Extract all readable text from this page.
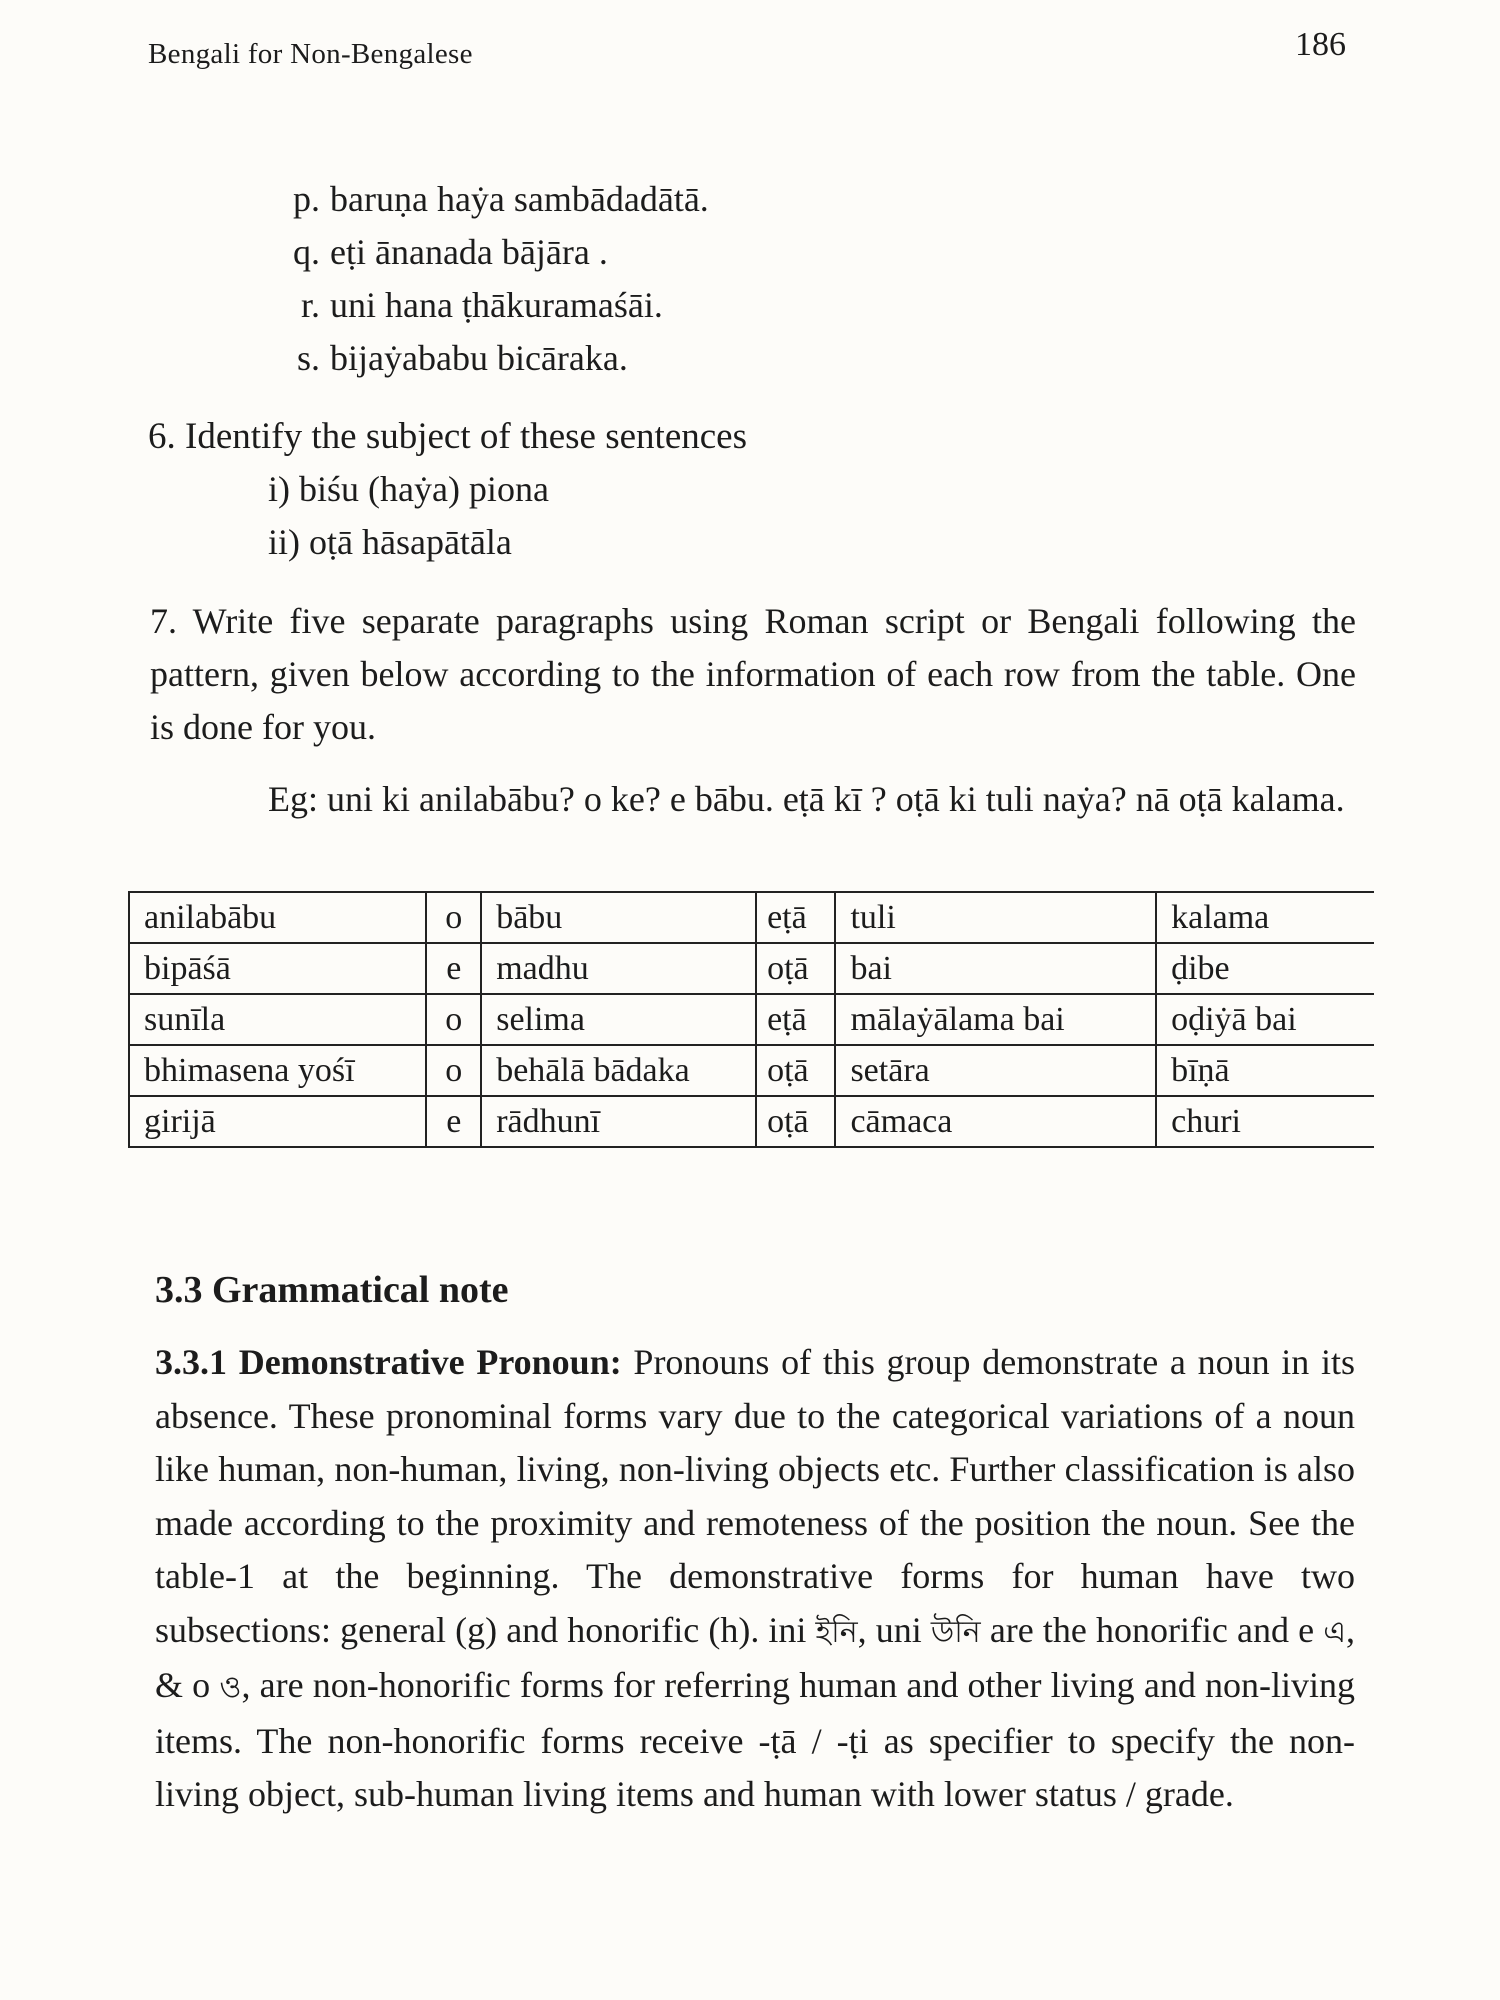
Bengali for Non-Bengalese	186
p. baruṇa haẏa sambādadātā.
q. eṭi ānanada bājāra .
r. uni hana ṭhākuramaśāi.
s. bijaẏababu bicāraka.
6. Identify the subject of these sentences
i) biśu (haẏa) piona
ii) oṭā hāsapātāla

7. Write five separate paragraphs using Roman script or Bengali following the pattern, given below according to the information of each row from the table. One is done for you.

Eg: uni ki anilabābu? o ke? e bābu. eṭā kī ? oṭā ki tuli naẏa? nā oṭā kalama.

anilabābu	o	bābu	eṭā	tuli	kalama
bipāśā	e	madhu	oṭā	bai	ḍibe
sunīla	o	selima	eṭā	mālaẏālama bai	oḍiẏā bai
bhimasena yośī	o	behālā bādaka	oṭā	setāra	bīṇā
girijā	e	rādhunī	oṭā	cāmaca	churi
3.3 Grammatical note

3.3.1 Demonstrative Pronoun: Pronouns of this group demonstrate a noun in its absence. These pronominal forms vary due to the categorical variations of a noun like human, non-human, living, non-living objects etc. Further classification is also made according to the proximity and remoteness of the position the noun. See the table-1 at the beginning. The demonstrative forms for human have two subsections: general (g) and honorific (h). ini ইনি, uni উনি are the honorific and e এ, & o ও, are non-honorific forms for referring human and other living and non-living items. The non-honorific forms receive -ṭā / -ṭi as specifier to specify the non-living object, sub-human living items and human with lower status / grade.
